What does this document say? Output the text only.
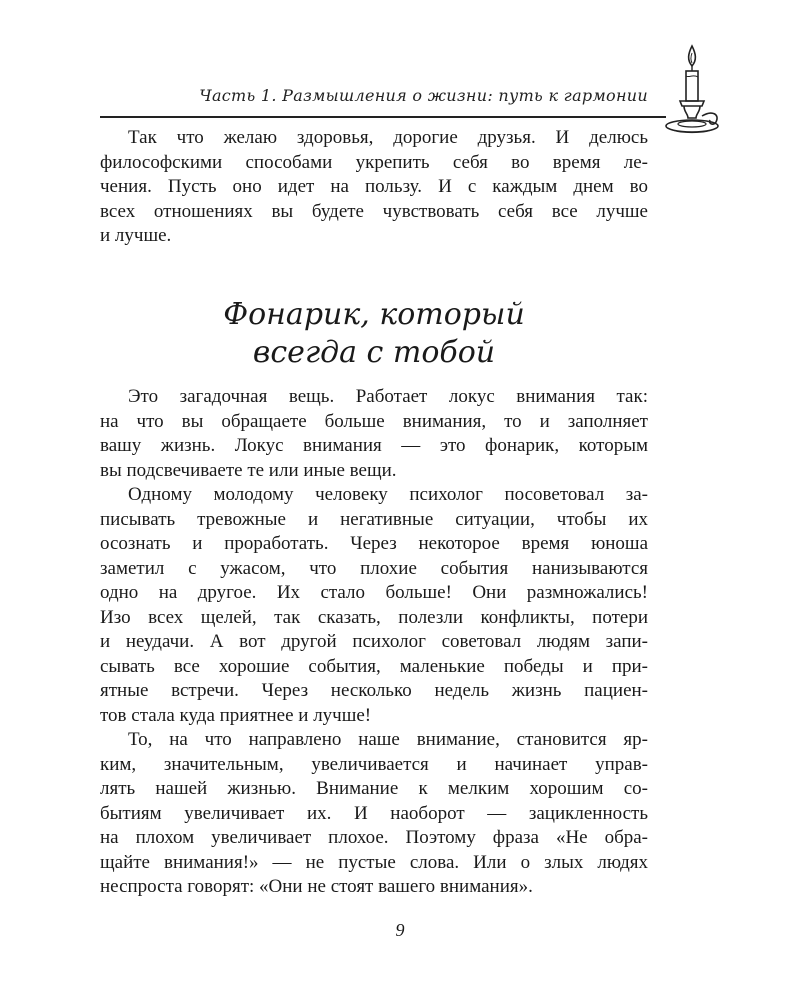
Часть 1. Размышления о жизни: путь к гармонии
Так что желаю здоровья, дорогие друзья. И делюсь
философскими способами укрепить себя во время ле-
чения. Пусть оно идет на пользу. И с каждым днем во
всех отношениях вы будете чувствовать себя все лучше
и лучше.
Фонарик, который
всегда с тобой
Это загадочная вещь. Работает локус внимания так:
на что вы обращаете больше внимания, то и заполняет
вашу жизнь. Локус внимания — это фонарик, которым
вы подсвечиваете те или иные вещи.
Одному молодому человеку психолог посоветовал за-
писывать тревожные и негативные ситуации, чтобы их
осознать и проработать. Через некоторое время юноша
заметил с ужасом, что плохие события нанизываются
одно на другое. Их стало больше! Они размножались!
Изо всех щелей, так сказать, полезли конфликты, потери
и неудачи. А вот другой психолог советовал людям запи-
сывать все хорошие события, маленькие победы и при-
ятные встречи. Через несколько недель жизнь пациен-
тов стала куда приятнее и лучше!
То, на что направлено наше внимание, становится яр-
ким, значительным, увеличивается и начинает управ-
лять нашей жизнью. Внимание к мелким хорошим со-
бытиям увеличивает их. И наоборот — зацикленность
на плохом увеличивает плохое. Поэтому фраза «Не обра-
щайте внимания!» — не пустые слова. Или о злых людях
неспроста говорят: «Они не стоят вашего внимания».
9
